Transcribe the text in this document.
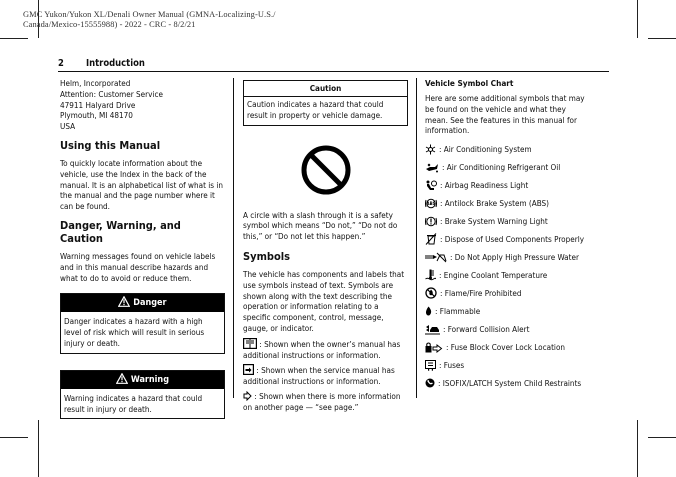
GMC Yukon/Yukon XL/Denali Owner Manual (GMNA-Localizing-U.S./
Canada/Mexico-15555988) - 2022 - CRC - 8/2/21
2 Introduction
Helm, Incorporated
Attention: Customer Service
47911 Halyard Drive
Plymouth, MI 48170
USA
Using this Manual

To quickly locate information about the vehicle, use the Index in the back of the manual. It is an alphabetical list of what is in the manual and the page number where it can be found.

Danger, Warning, and Caution

Warning messages found on vehicle labels and in this manual describe hazards and what to do to avoid or reduce them.

Danger
Danger indicates a hazard with a high level of risk which will result in serious injury or death.
Warning
Warning indicates a hazard that could result in injury or death.
Caution
Caution indicates a hazard that could result in property or vehicle damage.

A circle with a slash through it is a safety symbol which means “Do not,” “Do not do this,” or “Do not let this happen.”

Symbols

The vehicle has components and labels that use symbols instead of text. Symbols are shown along with the text describing the operation or information relating to a specific component, control, message, gauge, or indicator.

: Shown when the owner’s manual has additional instructions or information.

: Shown when the service manual has additional instructions or information.

: Shown when there is more information on another page — “see page.”

Vehicle Symbol Chart

Here are some additional symbols that may be found on the vehicle and what they mean. See the features in this manual for information.

: Air Conditioning System
: Air Conditioning Refrigerant Oil
: Airbag Readiness Light
ABS : Antilock Brake System (ABS)
: Brake System Warning Light
: Dispose of Used Components Properly
: Do Not Apply High Pressure Water
: Engine Coolant Temperature
: Flame/Fire Prohibited
: Flammable
: Forward Collision Alert
: Fuse Block Cover Lock Location
: Fuses
: ISOFIX/LATCH System Child Restraints
